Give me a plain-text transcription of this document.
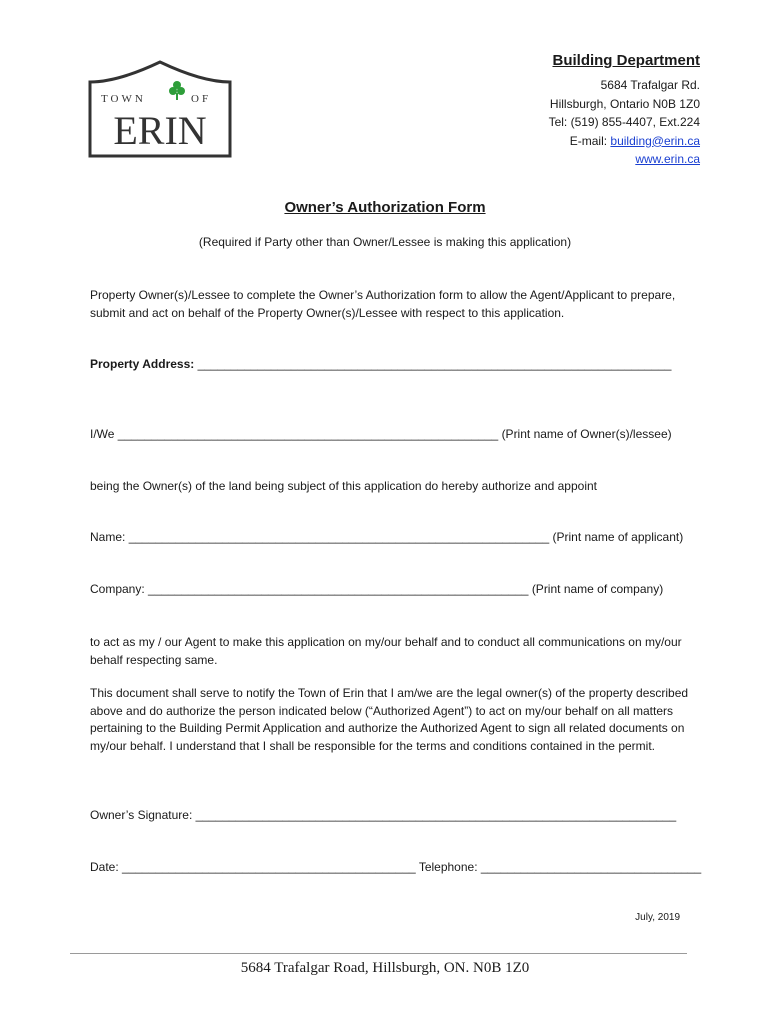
TOWN	OF
ERIN
Building Department
5684 Trafalgar Rd.
Hillsburgh, Ontario N0B 1Z0
Tel: (519) 855-4407, Ext.224
E-mail: building@erin.ca
www.erin.ca
Owner’s Authorization Form
(Required if Party other than Owner/Lessee is making this application)
Property Owner(s)/Lessee to complete the Owner’s Authorization form to allow the Agent/Applicant to prepare, submit and act on behalf of the Property Owner(s)/Lessee with respect to this application.
Property Address: _______________________________________________________________________
I/We _________________________________________________________ (Print name of Owner(s)/lessee)
being the Owner(s) of the land being subject of this application do hereby authorize and appoint
Name: _______________________________________________________________ (Print name of applicant)
Company: _________________________________________________________ (Print name of company)
to act as my / our Agent to make this application on my/our behalf and to conduct all communications on my/our behalf respecting same.
This document shall serve to notify the Town of Erin that I am/we are the legal owner(s) of the property described above and do authorize the person indicated below (“Authorized Agent”) to act on my/our behalf on all matters pertaining to the Building Permit Application and authorize the Authorized Agent to sign all related documents on my/our behalf. I understand that I shall be responsible for the terms and conditions contained in the permit.
Owner’s Signature: ________________________________________________________________________
Date: ____________________________________________ Telephone: _________________________________
July, 2019
5684 Trafalgar Road, Hillsburgh, ON. N0B 1Z0
